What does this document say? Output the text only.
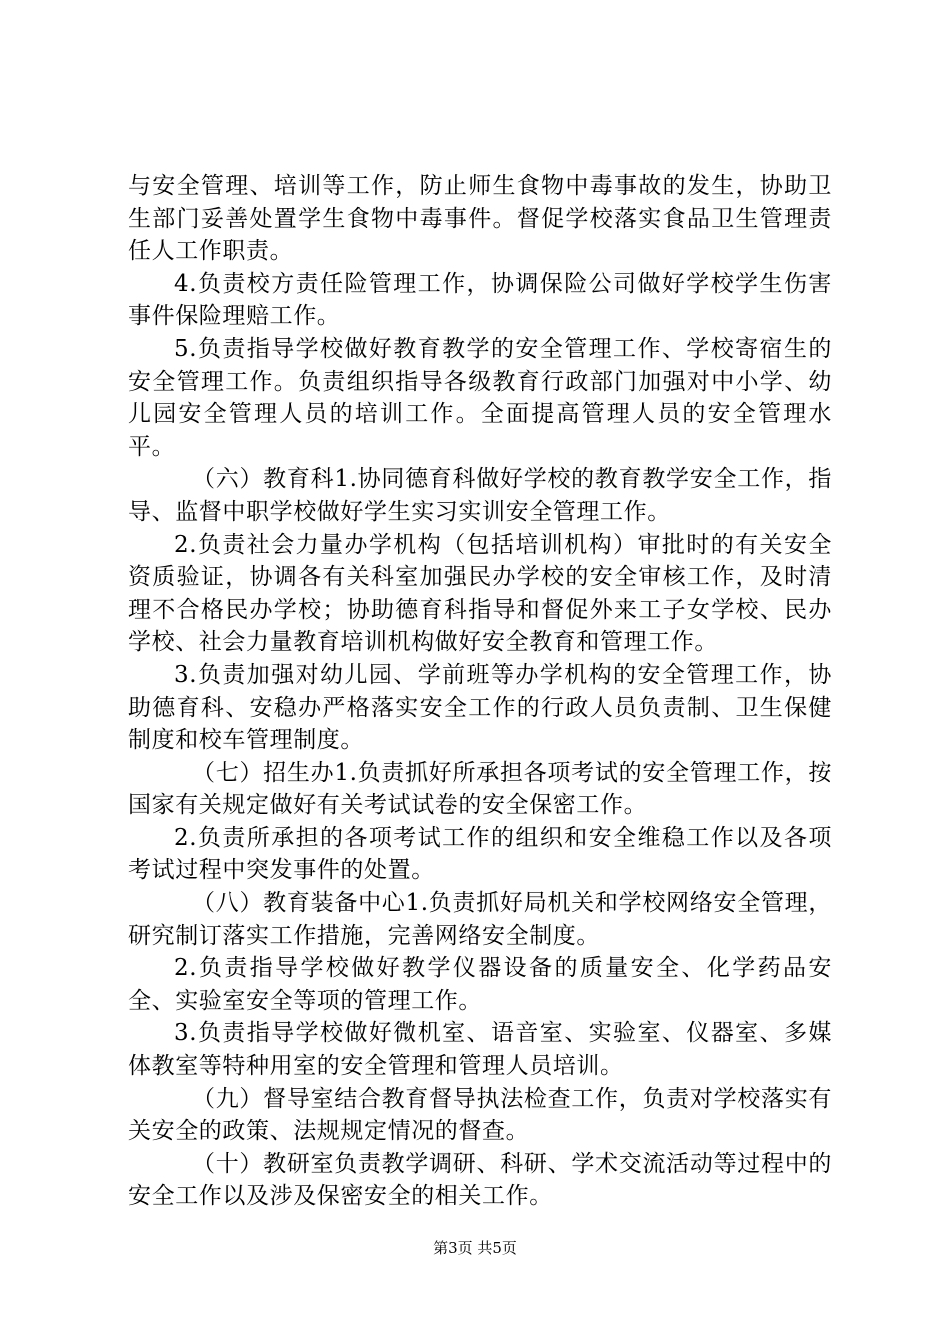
与安全管理、培训等工作，防止师生食物中毒事故的发生，协助卫生部门妥善处置学生食物中毒事件。督促学校落实食品卫生管理责任人工作职责。

4.负责校方责任险管理工作，协调保险公司做好学校学生伤害事件保险理赔工作。

5.负责指导学校做好教育教学的安全管理工作、学校寄宿生的安全管理工作。负责组织指导各级教育行政部门加强对中小学、幼儿园安全管理人员的培训工作。全面提高管理人员的安全管理水平。

（六）教育科1.协同德育科做好学校的教育教学安全工作，指导、监督中职学校做好学生实习实训安全管理工作。

2.负责社会力量办学机构（包括培训机构）审批时的有关安全资质验证，协调各有关科室加强民办学校的安全审核工作，及时清理不合格民办学校；协助德育科指导和督促外来工子女学校、民办学校、社会力量教育培训机构做好安全教育和管理工作。

3.负责加强对幼儿园、学前班等办学机构的安全管理工作，协助德育科、安稳办严格落实安全工作的行政人员负责制、卫生保健制度和校车管理制度。

（七）招生办1.负责抓好所承担各项考试的安全管理工作，按国家有关规定做好有关考试试卷的安全保密工作。

2.负责所承担的各项考试工作的组织和安全维稳工作以及各项考试过程中突发事件的处置。

（八）教育装备中心1.负责抓好局机关和学校网络安全管理，研究制订落实工作措施，完善网络安全制度。

2.负责指导学校做好教学仪器设备的质量安全、化学药品安全、实验室安全等项的管理工作。

3.负责指导学校做好微机室、语音室、实验室、仪器室、多媒体教室等特种用室的安全管理和管理人员培训。

（九）督导室结合教育督导执法检查工作，负责对学校落实有关安全的政策、法规规定情况的督查。

（十）教研室负责教学调研、科研、学术交流活动等过程中的安全工作以及涉及保密安全的相关工作。

第3页 共5页
